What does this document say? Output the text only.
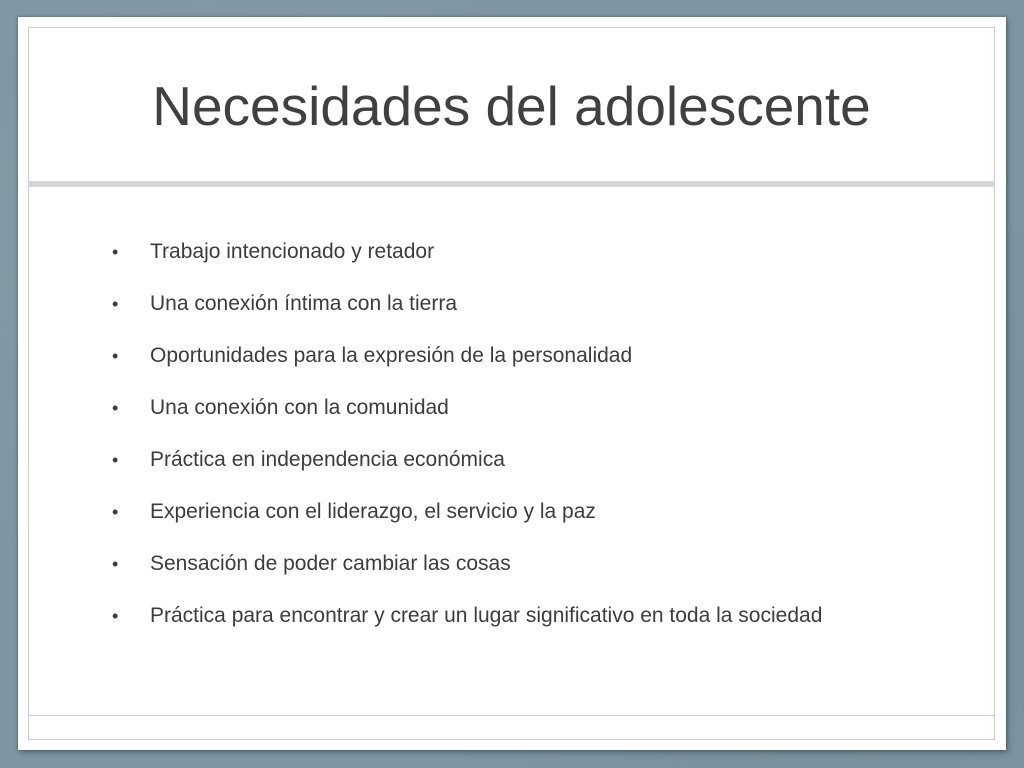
Necesidades del adolescente
• Trabajo intencionado y retador
• Una conexión íntima con la tierra
• Oportunidades para la expresión de la personalidad
• Una conexión con la comunidad
• Práctica en independencia económica
• Experiencia con el liderazgo, el servicio y la paz
• Sensación de poder cambiar las cosas
• Práctica para encontrar y crear un lugar significativo en toda la sociedad
